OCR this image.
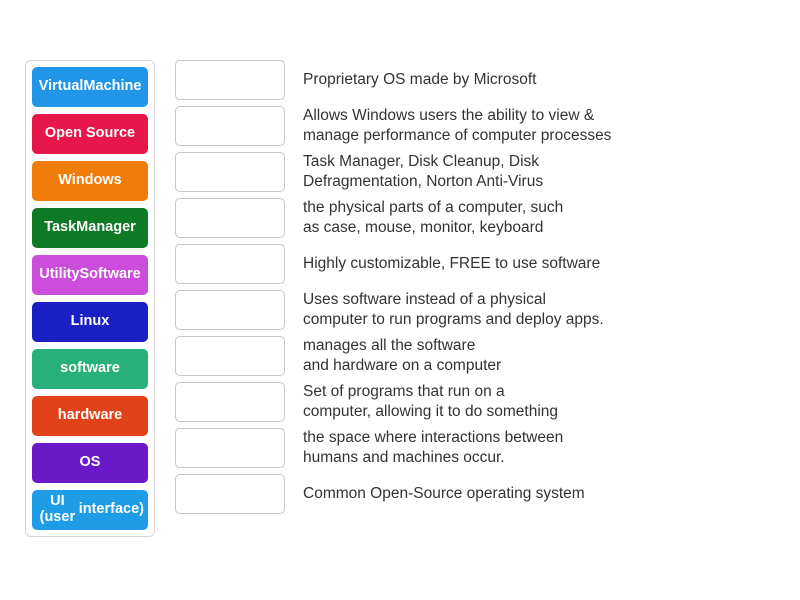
Virtual Machine
Open Source
Windows
Task Manager
Utility Software
Linux
software
hardware
OS
UI (user interface)
Proprietary OS made by Microsoft
Allows Windows users the ability to view &
manage performance of computer processes
Task Manager, Disk Cleanup, Disk
Defragmentation, Norton Anti-Virus
the physical parts of a computer, such
as case, mouse, monitor, keyboard
Highly customizable, FREE to use software
Uses software instead of a physical
computer to run programs and deploy apps.
manages all the software
and hardware on a computer
Set of programs that run on a
computer, allowing it to do something
the space where interactions between
humans and machines occur.
Common Open-Source operating system
